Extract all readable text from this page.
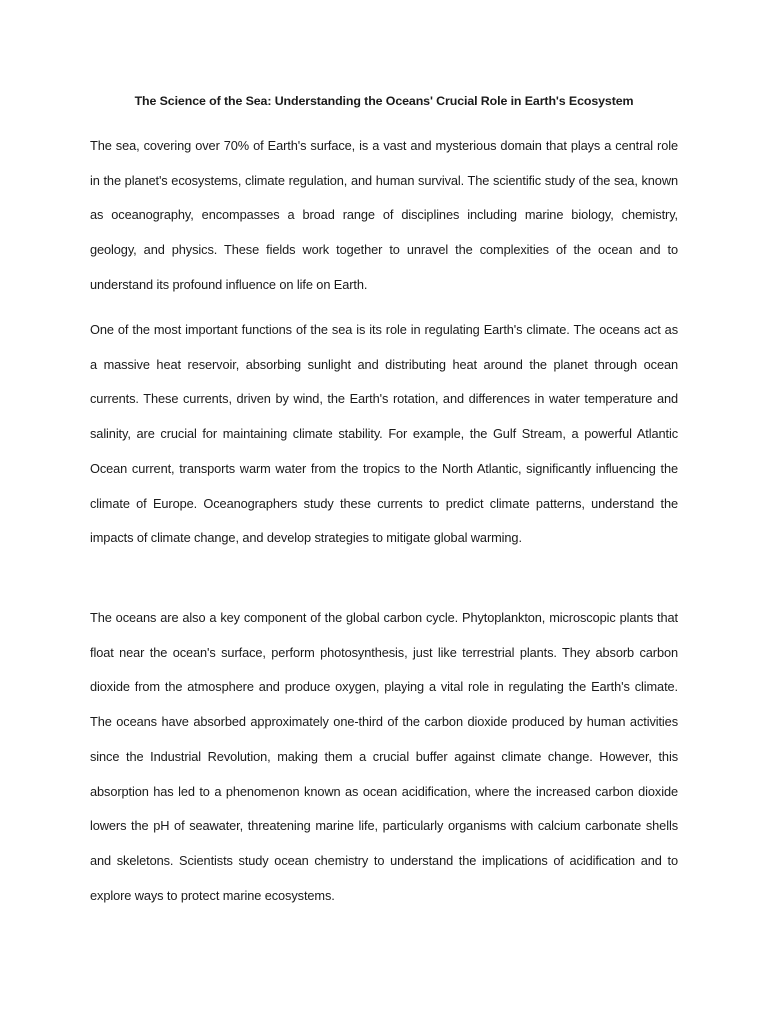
The Science of the Sea: Understanding the Oceans' Crucial Role in Earth's Ecosystem

The sea, covering over 70% of Earth's surface, is a vast and mysterious domain that plays a central role in the planet's ecosystems, climate regulation, and human survival. The scientific study of the sea, known as oceanography, encompasses a broad range of disciplines including marine biology, chemistry, geology, and physics. These fields work together to unravel the complexities of the ocean and to understand its profound influence on life on Earth.

One of the most important functions of the sea is its role in regulating Earth's climate. The oceans act as a massive heat reservoir, absorbing sunlight and distributing heat around the planet through ocean currents. These currents, driven by wind, the Earth's rotation, and differences in water temperature and salinity, are crucial for maintaining climate stability. For example, the Gulf Stream, a powerful Atlantic Ocean current, transports warm water from the tropics to the North Atlantic, significantly influencing the climate of Europe. Oceanographers study these currents to predict climate patterns, understand the impacts of climate change, and develop strategies to mitigate global warming.

The oceans are also a key component of the global carbon cycle. Phytoplankton, microscopic plants that float near the ocean's surface, perform photosynthesis, just like terrestrial plants. They absorb carbon dioxide from the atmosphere and produce oxygen, playing a vital role in regulating the Earth's climate. The oceans have absorbed approximately one-third of the carbon dioxide produced by human activities since the Industrial Revolution, making them a crucial buffer against climate change. However, this absorption has led to a phenomenon known as ocean acidification, where the increased carbon dioxide lowers the pH of seawater, threatening marine life, particularly organisms with calcium carbonate shells and skeletons. Scientists study ocean chemistry to understand the implications of acidification and to explore ways to protect marine ecosystems.
